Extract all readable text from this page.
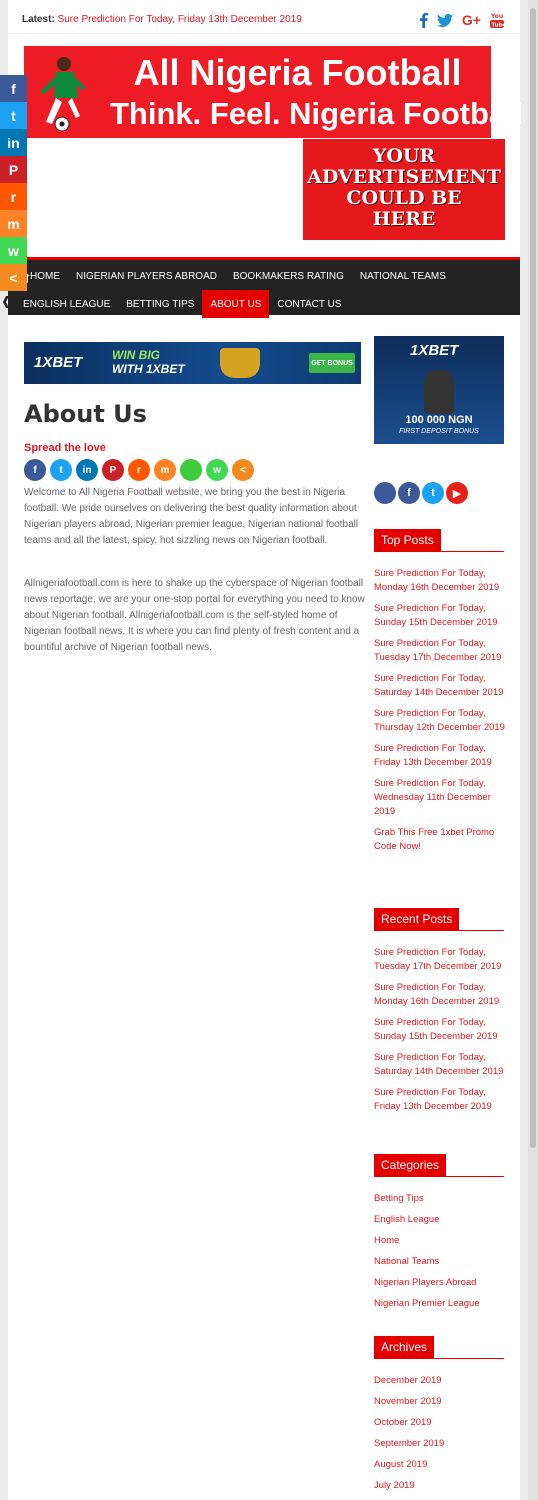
Latest: Sure Prediction For Today, Friday 13th December 2019	G+ You
Tube
All Nigeria Football
Think. Feel. Nigeria Football
YOUR
ADVERTISEMENT
COULD BE
HERE
HOME	NIGERIAN PLAYERS ABROAD	BOOKMAKERS RATING	NATIONAL TEAMS
ENGLISH LEAGUE	BETTING TIPS	ABOUT US	CONTACT US
1XBET WIN BIG
WITH 1XBET	GET BONUS
About Us
Spread the love
f	t	in	P	r	m	w	<

Welcome to All Nigeria Football website, we bring you the best in Nigeria football. We pride ourselves on delivering the best quality information about Nigerian players abroad, Nigerian premier league, Nigerian national football teams and all the latest, spicy, hot sizzling news on Nigerian football.

Allnigeriafootball.com is here to shake up the cyberspace of Nigerian football news reportage, we are your one-stop portal for everything you need to know about Nigerian football. Allnigeriafootball.com is the self-styled home of Nigerian football news. It is where you can find plenty of fresh content and a bountiful archive of Nigerian football news.

1XBET
100 000 NGN
FIRST DEPOSIT BONUS
f	t	▶
Top Posts
Sure Prediction For Today, Monday 16th December 2019
Sure Prediction For Today, Sunday 15th December 2019
Sure Prediction For Today, Tuesday 17th December 2019
Sure Prediction For Today, Saturday 14th December 2019
Sure Prediction For Today, Thursday 12th December 2019
Sure Prediction For Today, Friday 13th December 2019
Sure Prediction For Today, Wednesday 11th December 2019
Grab This Free 1xbet Promo Code Now!
Recent Posts
Sure Prediction For Today, Tuesday 17th December 2019
Sure Prediction For Today, Monday 16th December 2019
Sure Prediction For Today, Sunday 15th December 2019
Sure Prediction For Today, Saturday 14th December 2019
Sure Prediction For Today, Friday 13th December 2019
Categories
Betting Tips
English League
Home
National Teams
Nigerian Players Abroad
Nigerian Premier League
Archives
December 2019
November 2019
October 2019
September 2019
August 2019
July 2019
f
t
in
P
r
m
w
<
❰
